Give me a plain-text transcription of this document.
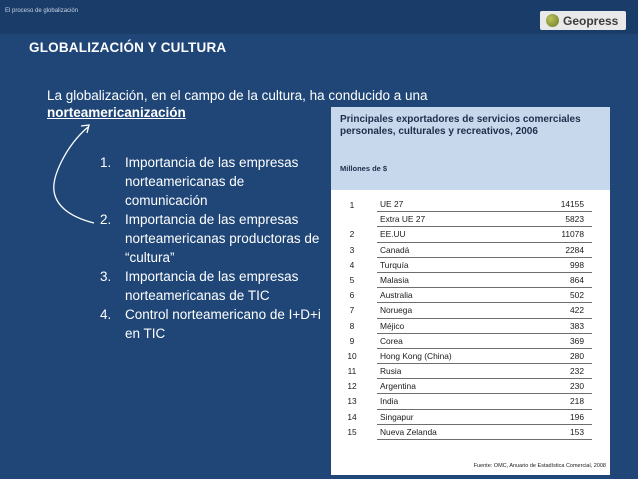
El proceso de globalización
Geopress
GLOBALIZACIÓN Y CULTURA
La globalización, en el campo de la cultura, ha conducido a una
norteamericanización
1. Importancia de las empresas norteamericanas de comunicación
2. Importancia de las empresas norteamericanas productoras de “cultura”
3. Importancia de las empresas norteamericanas de TIC
4. Control norteamericano de I+D+i en TIC
Principales exportadores de servicios comerciales personales, culturales y recreativos, 2006
Millones de $
1	UE 27	14155
Extra UE 27	5823
2	EE.UU	11078
3	Canadá	2284
4	Turquía	998
5	Malasia	864
6	Australia	502
7	Noruega	422
8	Méjico	383
9	Corea	369
10	Hong Kong (China)	280
11	Rusia	232
12	Argentina	230
13	India	218
14	Singapur	196
15	Nueva Zelanda	153
Fuente: OMC, Anuario de Estadística Comercial, 2008
